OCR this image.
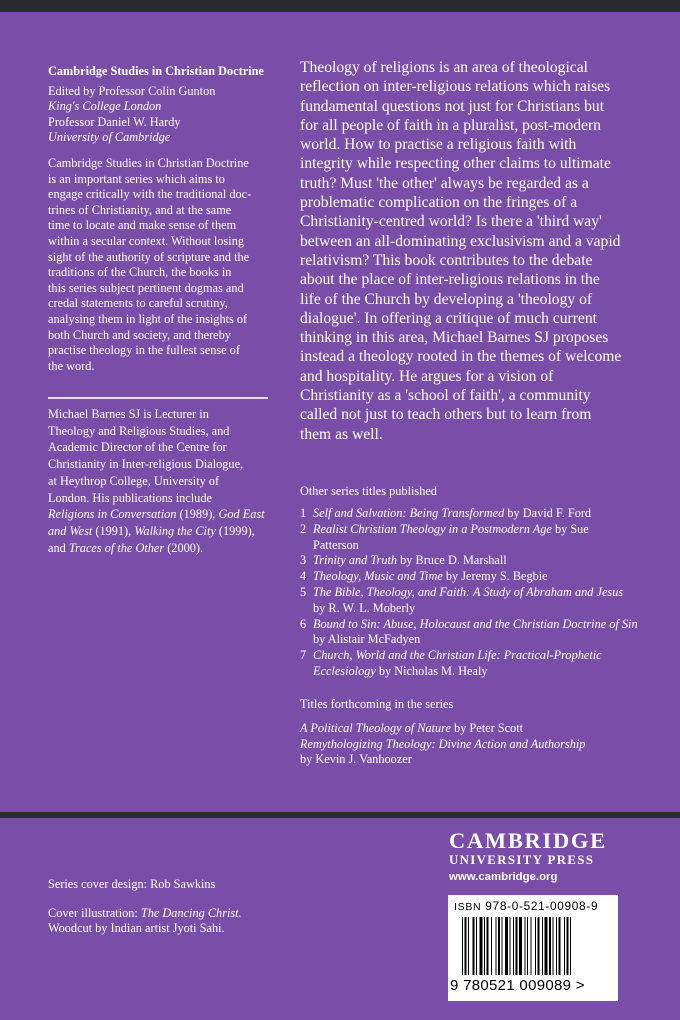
Cambridge Studies in Christian Doctrine

Edited by Professor Colin Gunton

King's College London

Professor Daniel W. Hardy

University of Cambridge

Cambridge Studies in Christian Doctrine

is an important series which aims to

engage critically with the traditional doc-

trines of Christianity, and at the same

time to locate and make sense of them

within a secular context. Without losing

sight of the authority of scripture and the

traditions of the Church, the books in

this series subject pertinent dogmas and

credal statements to careful scrutiny,

analysing them in light of the insights of

both Church and society, and thereby

practise theology in the fullest sense of

the word.

Michael Barnes SJ is Lecturer in
Theology and Religious Studies, and
Academic Director of the Centre for
Christianity in Inter-religious Dialogue,
at Heythrop College, University of
London. His publications include
Religions in Conversation (1989), God East
and West (1991), Walking the City (1999),
and Traces of the Other (2000).

Theology of religions is an area of theological

reflection on inter-religious relations which raises

fundamental questions not just for Christians but

for all people of faith in a pluralist, post-modern

world. How to practise a religious faith with

integrity while respecting other claims to ultimate

truth? Must 'the other' always be regarded as a

problematic complication on the fringes of a

Christianity-centred world? Is there a 'third way'

between an all-dominating exclusivism and a vapid

relativism? This book contributes to the debate

about the place of inter-religious relations in the

life of the Church by developing a 'theology of

dialogue'. In offering a critique of much current

thinking in this area, Michael Barnes SJ proposes

instead a theology rooted in the themes of welcome

and hospitality. He argues for a vision of

Christianity as a 'school of faith', a community

called not just to teach others but to learn from

them as well.

Other series titles published
1 Self and Salvation: Being Transformed by David F. Ford
2 Realist Christian Theology in a Postmodern Age by Sue
Patterson
3 Trinity and Truth by Bruce D. Marshall
4 Theology, Music and Time by Jeremy S. Begbie
5 The Bible, Theology, and Faith: A Study of Abraham and Jesus
by R. W. L. Moberly
6 Bound to Sin: Abuse, Holocaust and the Christian Doctrine of Sin
by Alistair McFadyen
7 Church, World and the Christian Life: Practical-Prophetic
Ecclesiology by Nicholas M. Healy

Titles forthcoming in the series

A Political Theology of Nature by Peter Scott

Remythologizing Theology: Divine Action and Authorship

by Kevin J. Vanhoozer

Series cover design: Rob Sawkins

Cover illustration: The Dancing Christ.

Woodcut by Indian artist Jyoti Sahi.

CAMBRIDGE
UNIVERSITY PRESS
www.cambridge.org
ISBN 978-0-521-00908-9
9 780521 009089 >
